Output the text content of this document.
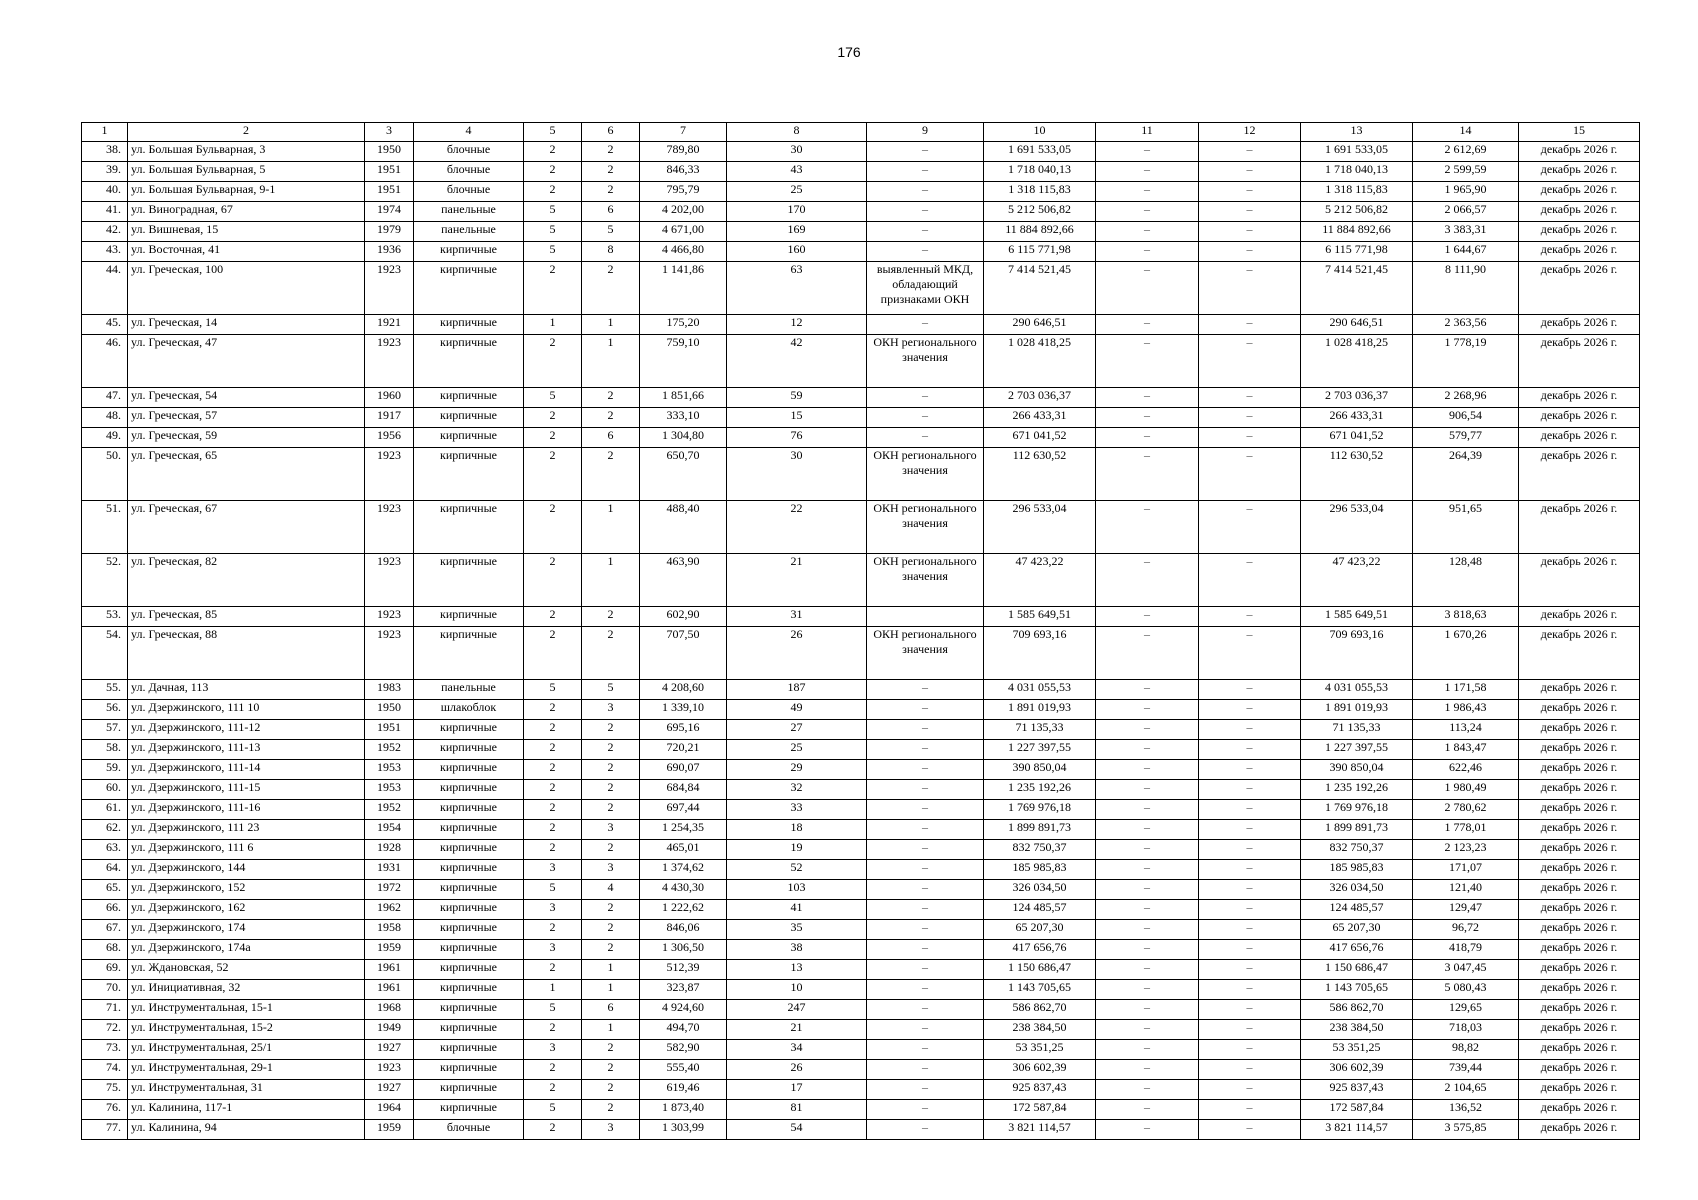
176
1	2	3	4	5	6	7	8	9	10	11	12	13	14	15
38.	ул. Большая Бульварная, 3	1950	блочные	2	2	789,80	30	–	1 691 533,05	–	–	1 691 533,05	2 612,69	декабрь 2026 г.
39.	ул. Большая Бульварная, 5	1951	блочные	2	2	846,33	43	–	1 718 040,13	–	–	1 718 040,13	2 599,59	декабрь 2026 г.
40.	ул. Большая Бульварная, 9-1	1951	блочные	2	2	795,79	25	–	1 318 115,83	–	–	1 318 115,83	1 965,90	декабрь 2026 г.
41.	ул. Виноградная, 67	1974	панельные	5	6	4 202,00	170	–	5 212 506,82	–	–	5 212 506,82	2 066,57	декабрь 2026 г.
42.	ул. Вишневая, 15	1979	панельные	5	5	4 671,00	169	–	11 884 892,66	–	–	11 884 892,66	3 383,31	декабрь 2026 г.
43.	ул. Восточная, 41	1936	кирпичные	5	8	4 466,80	160	–	6 115 771,98	–	–	6 115 771,98	1 644,67	декабрь 2026 г.
44.	ул. Греческая, 100	1923	кирпичные	2	2	1 141,86	63	выявленный МКД, обладающий признаками ОКН	7 414 521,45	–	–	7 414 521,45	8 111,90	декабрь 2026 г.
45.	ул. Греческая, 14	1921	кирпичные	1	1	175,20	12	–	290 646,51	–	–	290 646,51	2 363,56	декабрь 2026 г.
46.	ул. Греческая, 47	1923	кирпичные	2	1	759,10	42	ОКН регионального значения	1 028 418,25	–	–	1 028 418,25	1 778,19	декабрь 2026 г.
47.	ул. Греческая, 54	1960	кирпичные	5	2	1 851,66	59	–	2 703 036,37	–	–	2 703 036,37	2 268,96	декабрь 2026 г.
48.	ул. Греческая, 57	1917	кирпичные	2	2	333,10	15	–	266 433,31	–	–	266 433,31	906,54	декабрь 2026 г.
49.	ул. Греческая, 59	1956	кирпичные	2	6	1 304,80	76	–	671 041,52	–	–	671 041,52	579,77	декабрь 2026 г.
50.	ул. Греческая, 65	1923	кирпичные	2	2	650,70	30	ОКН регионального значения	112 630,52	–	–	112 630,52	264,39	декабрь 2026 г.
51.	ул. Греческая, 67	1923	кирпичные	2	1	488,40	22	ОКН регионального значения	296 533,04	–	–	296 533,04	951,65	декабрь 2026 г.
52.	ул. Греческая, 82	1923	кирпичные	2	1	463,90	21	ОКН регионального значения	47 423,22	–	–	47 423,22	128,48	декабрь 2026 г.
53.	ул. Греческая, 85	1923	кирпичные	2	2	602,90	31		1 585 649,51	–	–	1 585 649,51	3 818,63	декабрь 2026 г.
54.	ул. Греческая, 88	1923	кирпичные	2	2	707,50	26	ОКН регионального значения	709 693,16	–	–	709 693,16	1 670,26	декабрь 2026 г.
55.	ул. Дачная, 113	1983	панельные	5	5	4 208,60	187	–	4 031 055,53	–	–	4 031 055,53	1 171,58	декабрь 2026 г.
56.	ул. Дзержинского, 111 10	1950	шлакоблок	2	3	1 339,10	49	–	1 891 019,93	–	–	1 891 019,93	1 986,43	декабрь 2026 г.
57.	ул. Дзержинского, 111-12	1951	кирпичные	2	2	695,16	27	–	71 135,33	–	–	71 135,33	113,24	декабрь 2026 г.
58.	ул. Дзержинского, 111-13	1952	кирпичные	2	2	720,21	25	–	1 227 397,55	–	–	1 227 397,55	1 843,47	декабрь 2026 г.
59.	ул. Дзержинского, 111-14	1953	кирпичные	2	2	690,07	29	–	390 850,04	–	–	390 850,04	622,46	декабрь 2026 г.
60.	ул. Дзержинского, 111-15	1953	кирпичные	2	2	684,84	32	–	1 235 192,26	–	–	1 235 192,26	1 980,49	декабрь 2026 г.
61.	ул. Дзержинского, 111-16	1952	кирпичные	2	2	697,44	33	–	1 769 976,18	–	–	1 769 976,18	2 780,62	декабрь 2026 г.
62.	ул. Дзержинского, 111 23	1954	кирпичные	2	3	1 254,35	18	–	1 899 891,73	–	–	1 899 891,73	1 778,01	декабрь 2026 г.
63.	ул. Дзержинского, 111 6	1928	кирпичные	2	2	465,01	19	–	832 750,37	–	–	832 750,37	2 123,23	декабрь 2026 г.
64.	ул. Дзержинского, 144	1931	кирпичные	3	3	1 374,62	52	–	185 985,83	–	–	185 985,83	171,07	декабрь 2026 г.
65.	ул. Дзержинского, 152	1972	кирпичные	5	4	4 430,30	103	–	326 034,50	–	–	326 034,50	121,40	декабрь 2026 г.
66.	ул. Дзержинского, 162	1962	кирпичные	3	2	1 222,62	41	–	124 485,57	–	–	124 485,57	129,47	декабрь 2026 г.
67.	ул. Дзержинского, 174	1958	кирпичные	2	2	846,06	35	–	65 207,30	–	–	65 207,30	96,72	декабрь 2026 г.
68.	ул. Дзержинского, 174а	1959	кирпичные	3	2	1 306,50	38	–	417 656,76	–	–	417 656,76	418,79	декабрь 2026 г.
69.	ул. Ждановская, 52	1961	кирпичные	2	1	512,39	13	–	1 150 686,47	–	–	1 150 686,47	3 047,45	декабрь 2026 г.
70.	ул. Инициативная, 32	1961	кирпичные	1	1	323,87	10	–	1 143 705,65	–	–	1 143 705,65	5 080,43	декабрь 2026 г.
71.	ул. Инструментальная, 15-1	1968	кирпичные	5	6	4 924,60	247	–	586 862,70	–	–	586 862,70	129,65	декабрь 2026 г.
72.	ул. Инструментальная, 15-2	1949	кирпичные	2	1	494,70	21	–	238 384,50	–	–	238 384,50	718,03	декабрь 2026 г.
73.	ул. Инструментальная, 25/1	1927	кирпичные	3	2	582,90	34	–	53 351,25	–	–	53 351,25	98,82	декабрь 2026 г.
74.	ул. Инструментальная, 29-1	1923	кирпичные	2	2	555,40	26	–	306 602,39	–	–	306 602,39	739,44	декабрь 2026 г.
75.	ул. Инструментальная, 31	1927	кирпичные	2	2	619,46	17	–	925 837,43	–	–	925 837,43	2 104,65	декабрь 2026 г.
76.	ул. Калинина, 117-1	1964	кирпичные	5	2	1 873,40	81	–	172 587,84	–	–	172 587,84	136,52	декабрь 2026 г.
77.	ул. Калинина, 94	1959	блочные	2	3	1 303,99	54	–	3 821 114,57	–	–	3 821 114,57	3 575,85	декабрь 2026 г.
